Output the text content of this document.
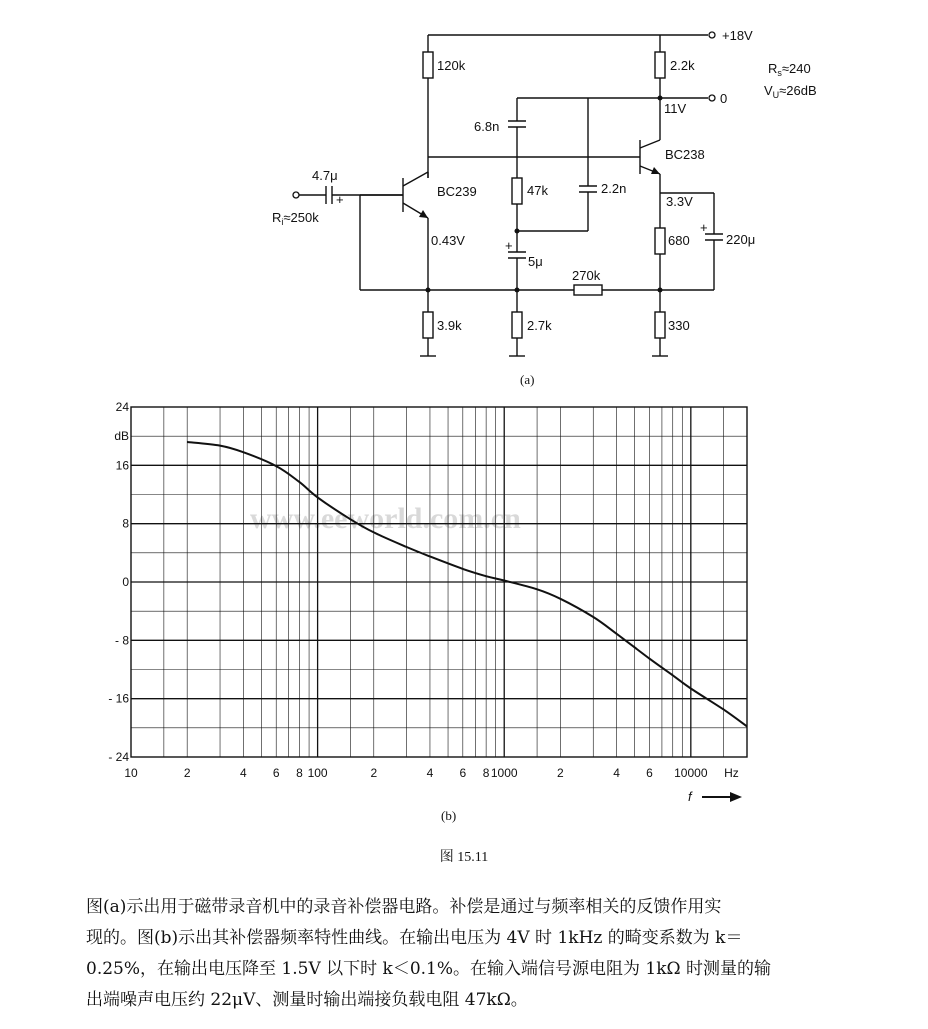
+18V
120k	2.2k
0
11V
6.8n
2.2n
47k
+
5μ
2.7k
BC239
0.43V
3.9k
4.7μ
+
$R_i\approx 250k$
270k
BC238
3.3V
680
+
220μ
330
$R_s\approx 240$
$V_U\approx 26dB$
(a)
www.eeworld.com.cn
24
dB
16
8
0
- 8
- 16
- 24
10	2	4 6 8 100	2	4 6 8 1000	2	4 6 10000 Hz
f
(b)
图 15.11

图(a)示出用于磁带录音机中的录音补偿器电路。补偿是通过与频率相关的反馈作用实

现的。图(b)示出其补偿器频率特性曲线。在输出电压为 4V 时 1kHz 的畸变系数为 k＝

0.25%，在输出电压降至 1.5V 以下时 k＜0.1%。在输入端信号源电阻为 1kΩ 时测量的输

出端噪声电压约 22μV、测量时输出端接负载电阻 47kΩ。
